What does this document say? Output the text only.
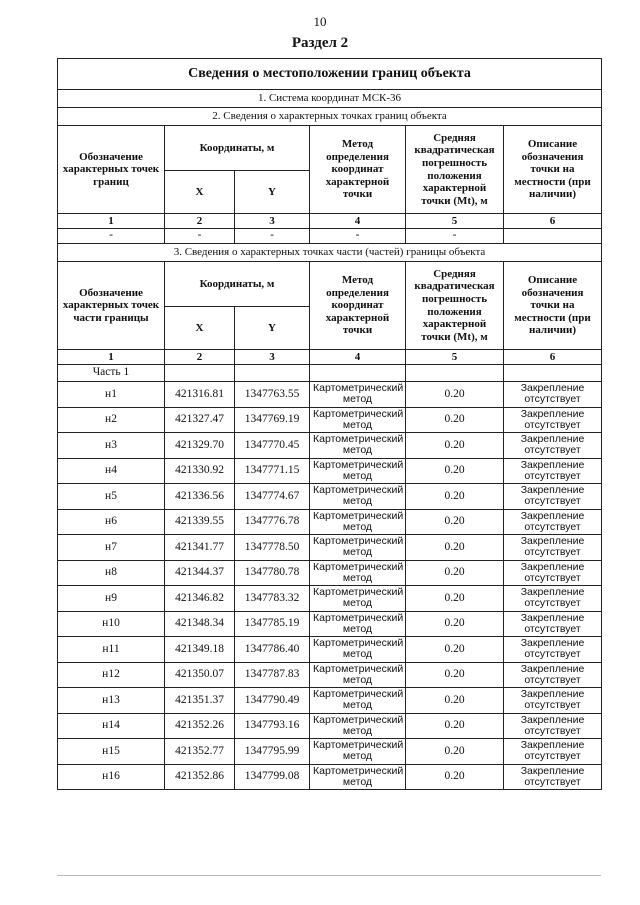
10
Раздел 2
Сведения о местоположении границ объекта					
1. Система координат МСК-36					
2. Сведения о характерных точках границ объекта					
Обозначение характерных точек границ	Координаты, м		Метод определения координат характерной точки	Средняя квадратическая погрешность положения характерной точки (Mt), м	Описание обозначения точки на местности (при наличии)
	X	Y			
1	2	3	4	5	6
-	-	-	-	-	
3. Сведения о характерных точках части (частей) границы объекта					
Обозначение характерных точек части границы	Координаты, м		Метод определения координат характерной точки	Средняя квадратическая погрешность положения характерной точки (Mt), м	Описание обозначения точки на местности (при наличии)
	X	Y			
1	2	3	4	5	6
Часть 1					
н1	421316.81	1347763.55	Картометрический метод	0.20	Закрепление отсутствует
н2	421327.47	1347769.19	Картометрический метод	0.20	Закрепление отсутствует
н3	421329.70	1347770.45	Картометрический метод	0.20	Закрепление отсутствует
н4	421330.92	1347771.15	Картометрический метод	0.20	Закрепление отсутствует
н5	421336.56	1347774.67	Картометрический метод	0.20	Закрепление отсутствует
н6	421339.55	1347776.78	Картометрический метод	0.20	Закрепление отсутствует
н7	421341.77	1347778.50	Картометрический метод	0.20	Закрепление отсутствует
н8	421344.37	1347780.78	Картометрический метод	0.20	Закрепление отсутствует
н9	421346.82	1347783.32	Картометрический метод	0.20	Закрепление отсутствует
н10	421348.34	1347785.19	Картометрический метод	0.20	Закрепление отсутствует
н11	421349.18	1347786.40	Картометрический метод	0.20	Закрепление отсутствует
н12	421350.07	1347787.83	Картометрический метод	0.20	Закрепление отсутствует
н13	421351.37	1347790.49	Картометрический метод	0.20	Закрепление отсутствует
н14	421352.26	1347793.16	Картометрический метод	0.20	Закрепление отсутствует
н15	421352.77	1347795.99	Картометрический метод	0.20	Закрепление отсутствует
н16	421352.86	1347799.08	Картометрический метод	0.20	Закрепление отсутствует
